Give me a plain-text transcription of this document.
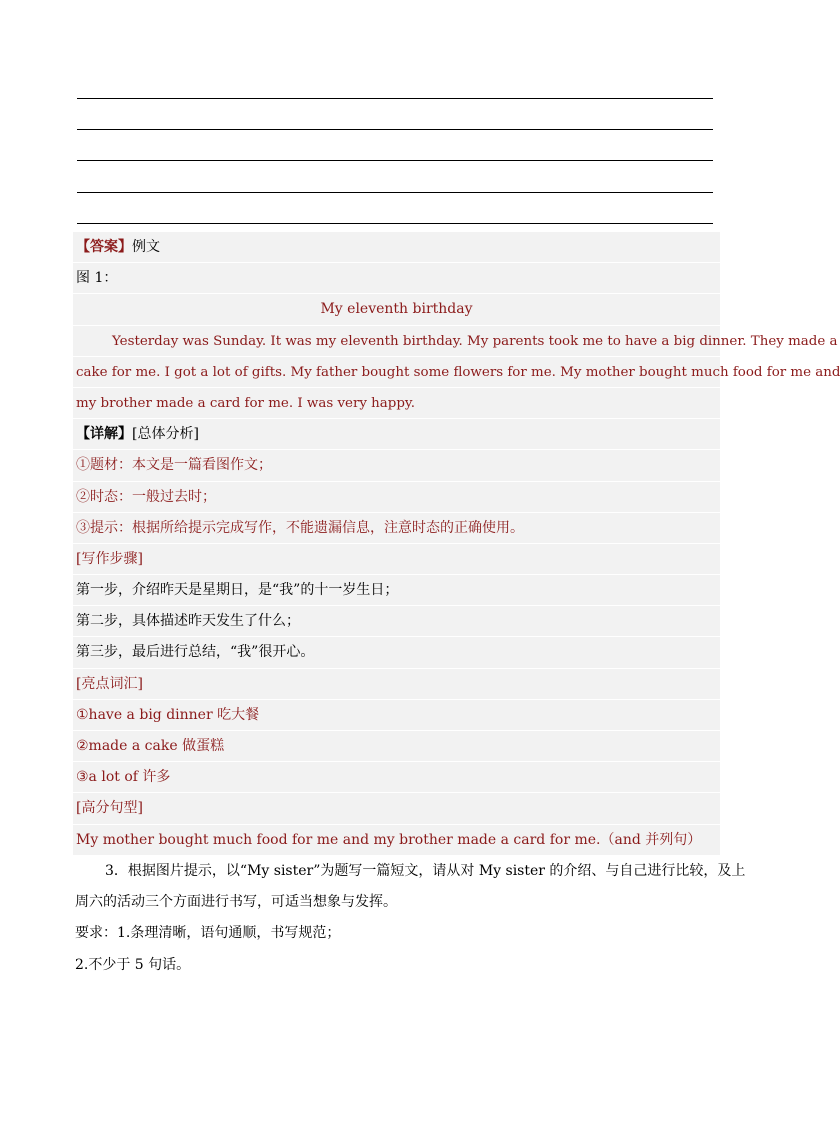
【答案】例文
图 1：
My eleventh birthday
Yesterday was Sunday. It was my eleventh birthday. My parents took me to have a big dinner. They made a
cake for me. I got a lot of gifts. My father bought some flowers for me. My mother bought much food for me and
my brother made a card for me. I was very happy.
【详解】[总体分析]
①题材：本文是一篇看图作文；
②时态：一般过去时；
③提示：根据所给提示完成写作，不能遗漏信息，注意时态的正确使用。
[写作步骤]
第一步，介绍昨天是星期日，是“我”的十一岁生日；
第二步，具体描述昨天发生了什么；
第三步，最后进行总结，“我”很开心。
[亮点词汇]
①have a big dinner 吃大餐
②made a cake 做蛋糕
③a lot of 许多
[高分句型]
My mother bought much food for me and my brother made a card for me.（and 并列句）
3．根据图片提示，以“My sister”为题写一篇短文，请从对 My sister 的介绍、与自己进行比较，及上
周六的活动三个方面进行书写，可适当想象与发挥。
要求：1.条理清晰，语句通顺，书写规范；
2.不少于 5 句话。
